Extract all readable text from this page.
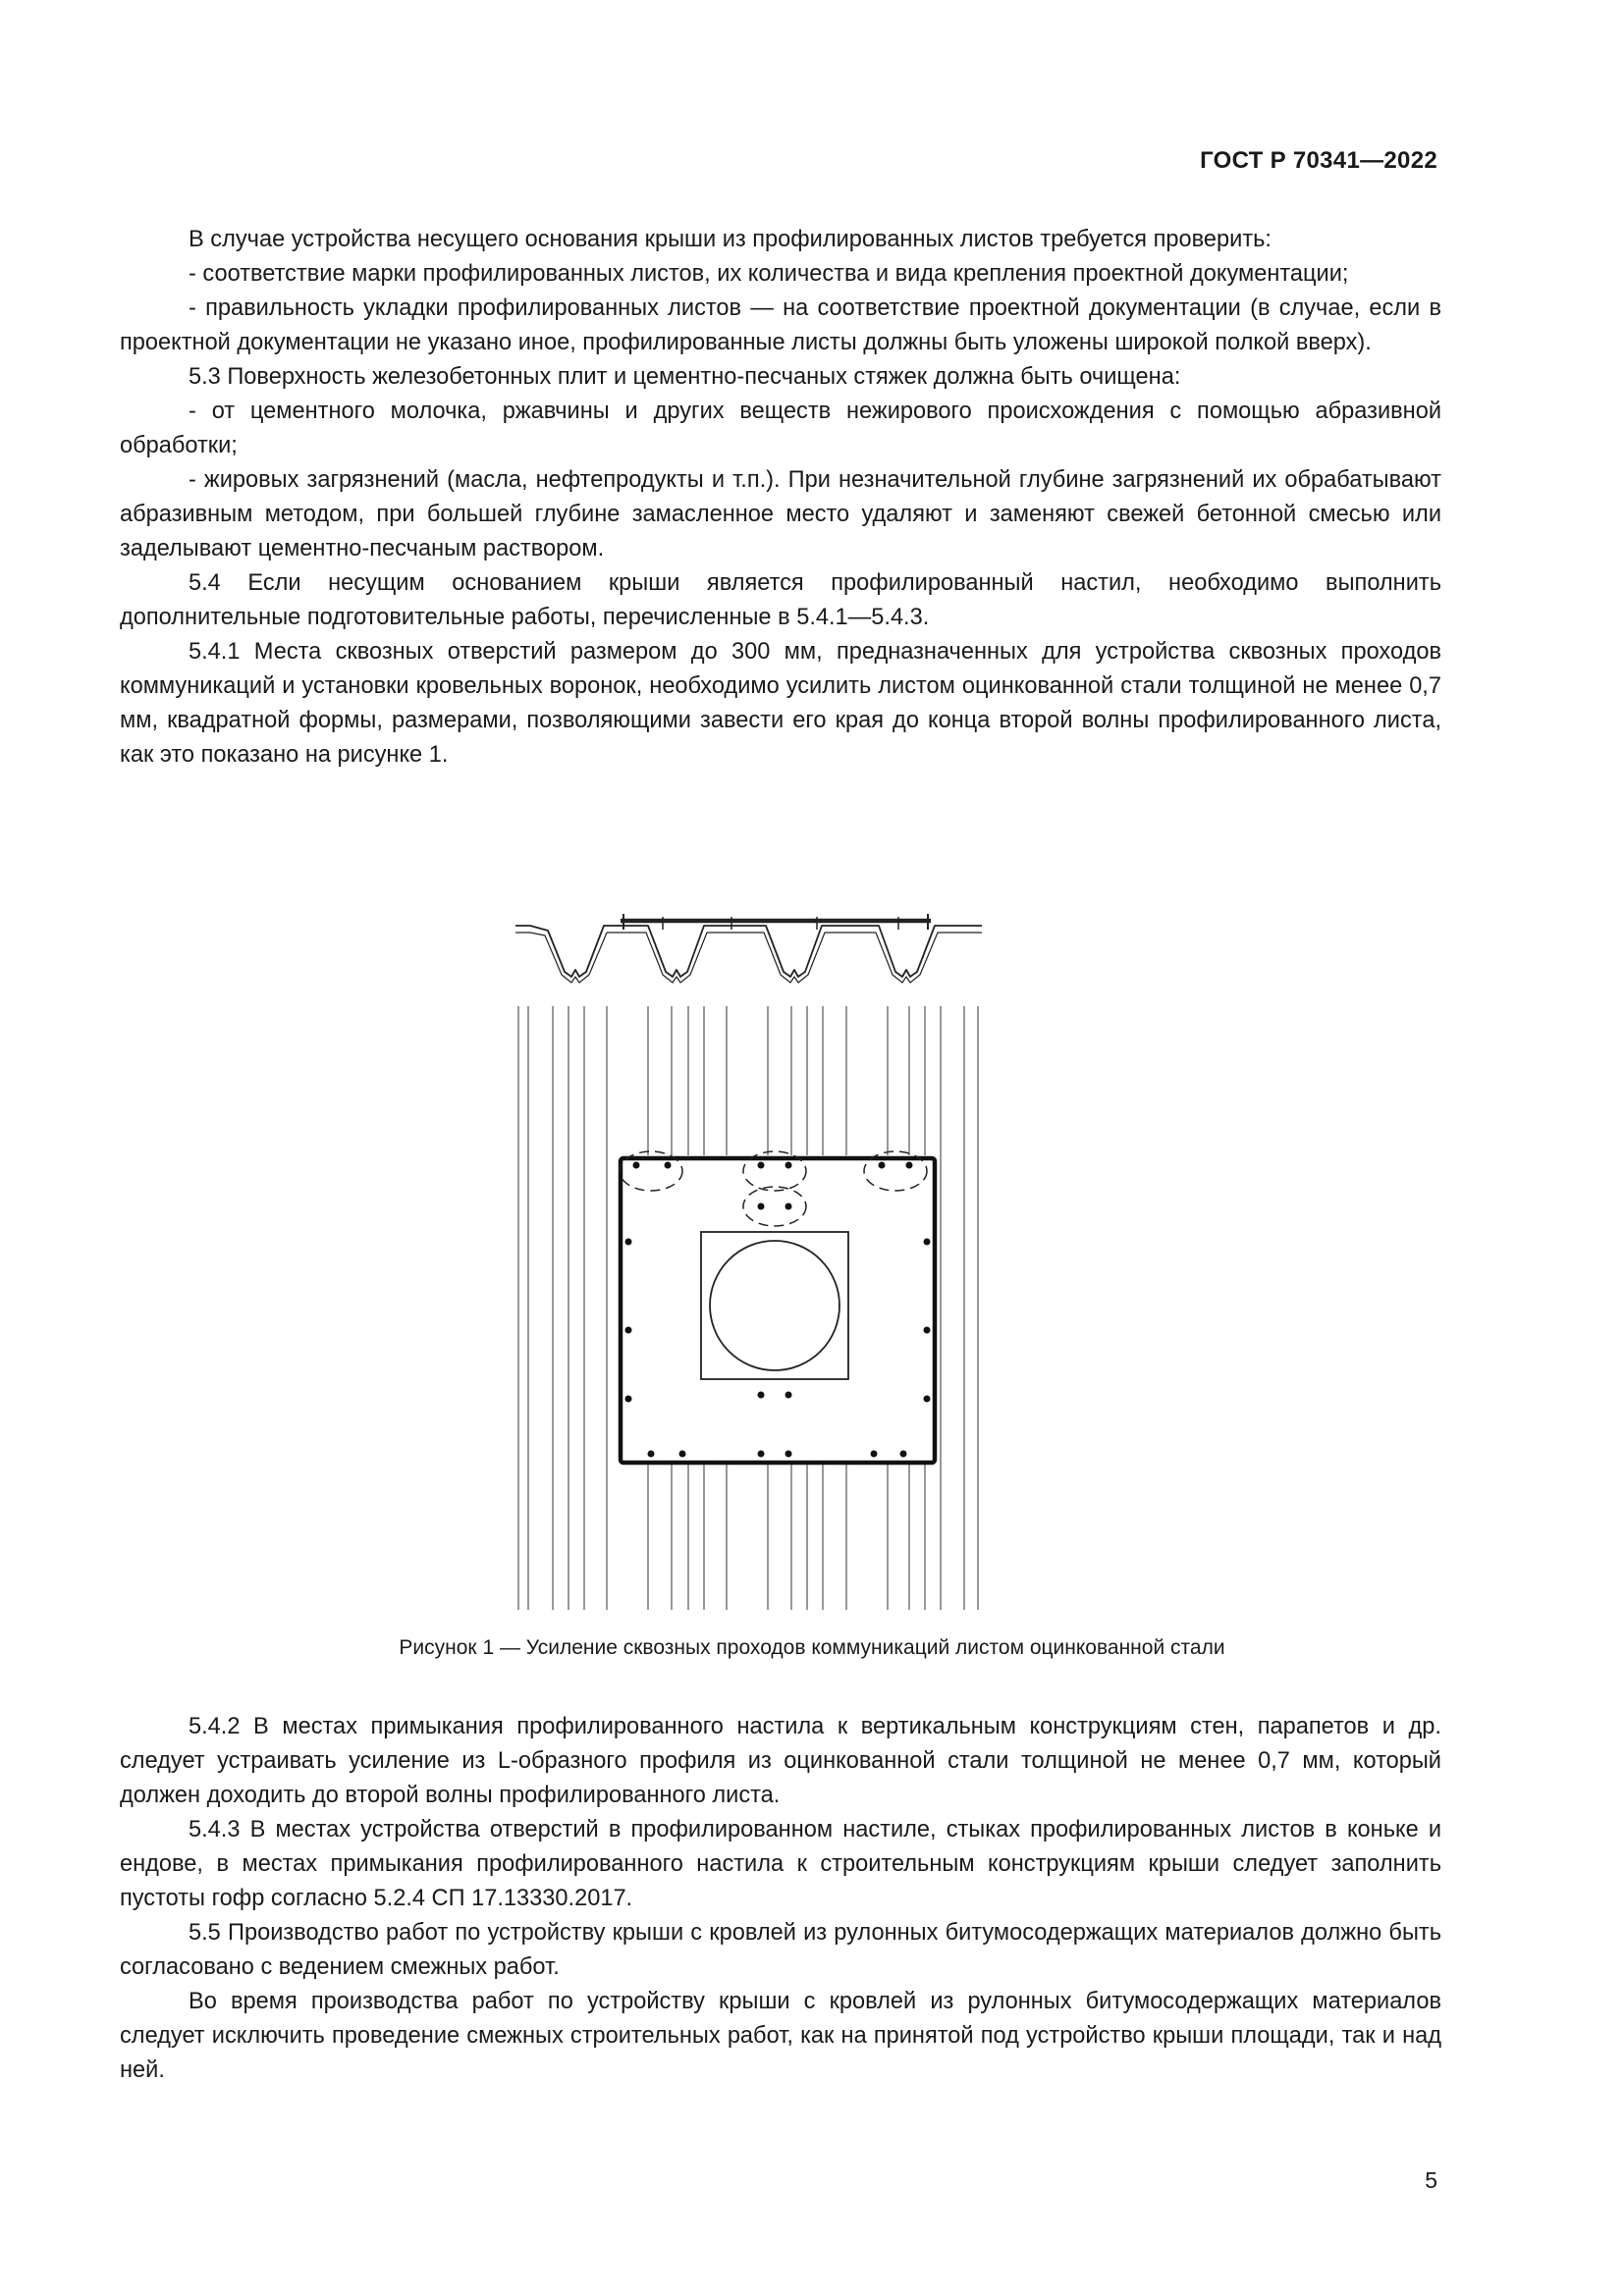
ГОСТ Р 70341—2022

В случае устройства несущего основания крыши из профилированных листов требуется проверить:

- соответствие марки профилированных листов, их количества и вида крепления проектной документации;

- правильность укладки профилированных листов — на соответствие проектной документации (в случае, если в проектной документации не указано иное, профилированные листы должны быть уложены широкой полкой вверх).

5.3 Поверхность железобетонных плит и цементно-песчаных стяжек должна быть очищена:

- от цементного молочка, ржавчины и других веществ нежирового происхождения с помощью абразивной обработки;

- жировых загрязнений (масла, нефтепродукты и т.п.). При незначительной глубине загрязнений их обрабатывают абразивным методом, при большей глубине замасленное место удаляют и заменяют свежей бетонной смесью или заделывают цементно-песчаным раствором.

5.4 Если несущим основанием крыши является профилированный настил, необходимо выполнить дополнительные подготовительные работы, перечисленные в 5.4.1—5.4.3.

5.4.1 Места сквозных отверстий размером до 300 мм, предназначенных для устройства сквозных проходов коммуникаций и установки кровельных воронок, необходимо усилить листом оцинкованной стали толщиной не менее 0,7 мм, квадратной формы, размерами, позволяющими завести его края до конца второй волны профилированного листа, как это показано на рисунке 1.

Рисунок 1 — Усиление сквозных проходов коммуникаций листом оцинкованной стали

5.4.2 В местах примыкания профилированного настила к вертикальным конструкциям стен, парапетов и др. следует устраивать усиление из L-образного профиля из оцинкованной стали толщиной не менее 0,7 мм, который должен доходить до второй волны профилированного листа.

5.4.3 В местах устройства отверстий в профилированном настиле, стыках профилированных листов в коньке и ендове, в местах примыкания профилированного настила к строительным конструкциям крыши следует заполнить пустоты гофр согласно 5.2.4 СП 17.13330.2017.

5.5 Производство работ по устройству крыши с кровлей из рулонных битумосодержащих материалов должно быть согласовано с ведением смежных работ.

Во время производства работ по устройству крыши с кровлей из рулонных битумосодержащих материалов следует исключить проведение смежных строительных работ, как на принятой под устройство крыши площади, так и над ней.

5
